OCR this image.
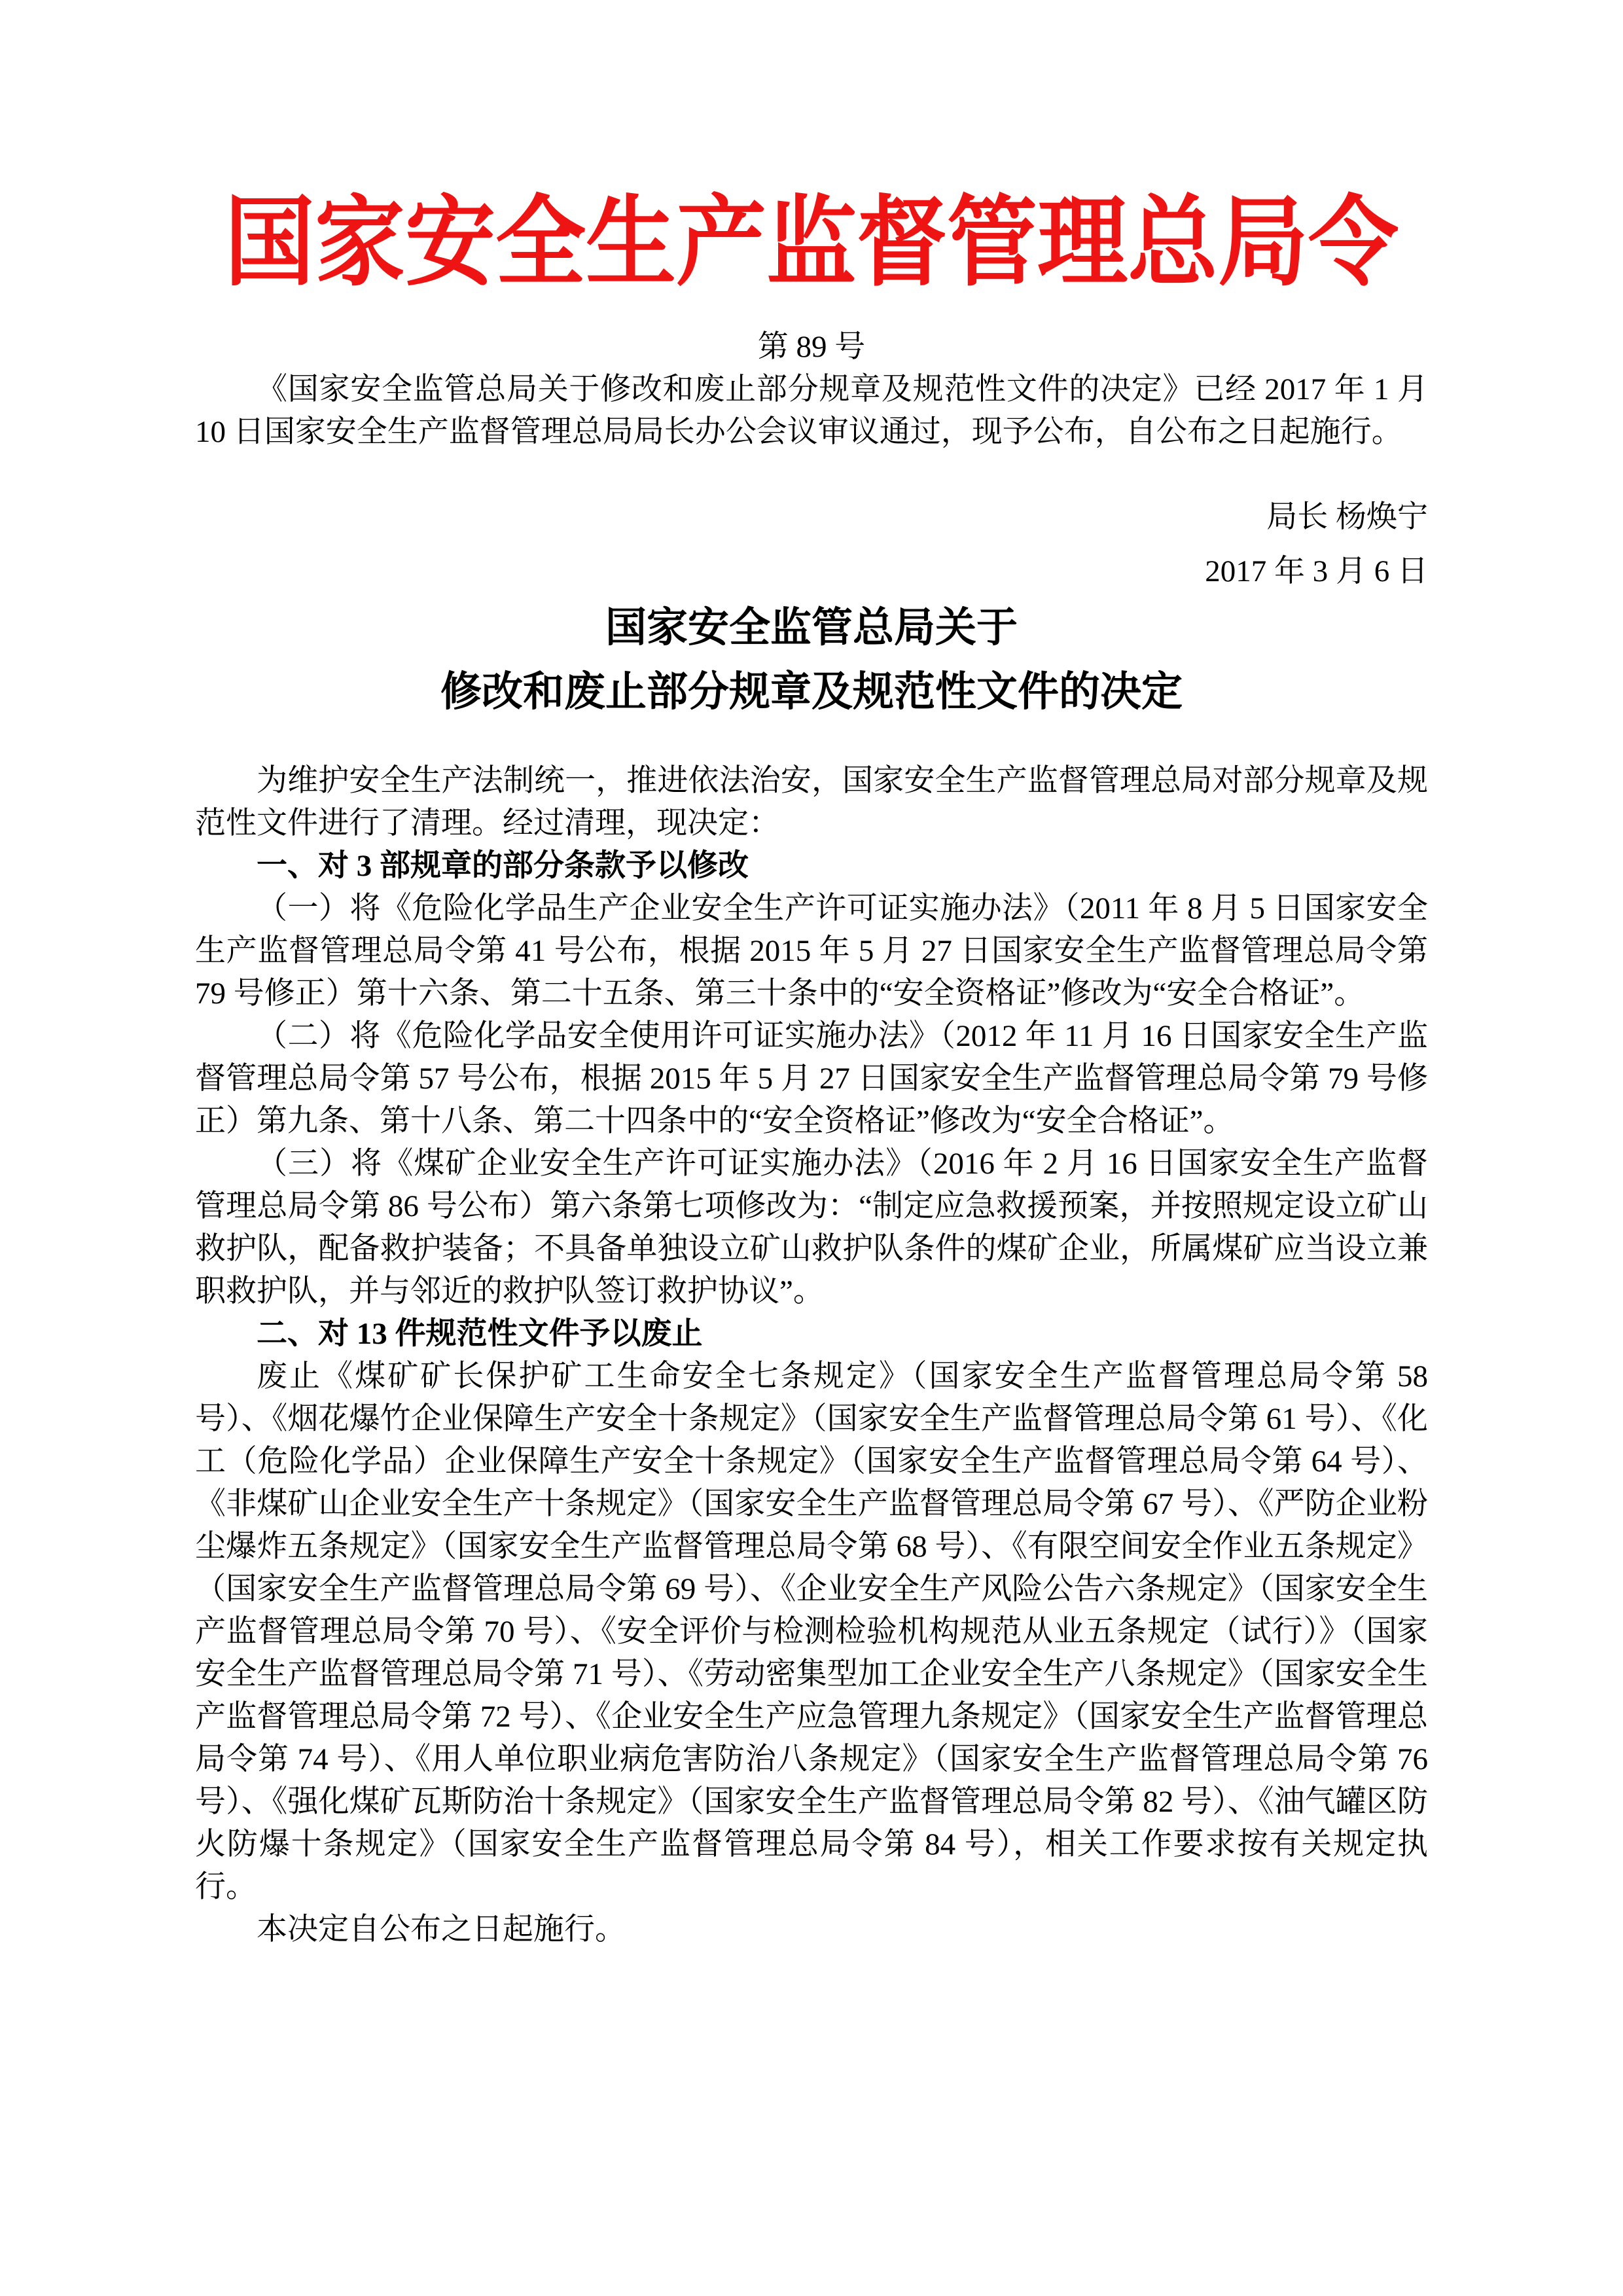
国家安全生产监督管理总局令
第 89 号
《国家安全监管总局关于修改和废止部分规章及规范性文件的决定》已经 2017 年 1 月 10 日国家安全生产监督管理总局局长办公会议审议通过，现予公布，自公布之日起施行。
局长 杨焕宁
2017 年 3 月 6 日
国家安全监管总局关于
修改和废止部分规章及规范性文件的决定

为维护安全生产法制统一，推进依法治安，国家安全生产监督管理总局对部分规章及规范性文件进行了清理。经过清理，现决定：

一、对 3 部规章的部分条款予以修改

（一）将《危险化学品生产企业安全生产许可证实施办法》（2011 年 8 月 5 日国家安全生产监督管理总局令第 41 号公布，根据 2015 年 5 月 27 日国家安全生产监督管理总局令第 79 号修正）第十六条、第二十五条、第三十条中的“安全资格证”修改为“安全合格证”。

（二）将《危险化学品安全使用许可证实施办法》（2012 年 11 月 16 日国家安全生产监督管理总局令第 57 号公布，根据 2015 年 5 月 27 日国家安全生产监督管理总局令第 79 号修正）第九条、第十八条、第二十四条中的“安全资格证”修改为“安全合格证”。

（三）将《煤矿企业安全生产许可证实施办法》（2016 年 2 月 16 日国家安全生产监督管理总局令第 86 号公布）第六条第七项修改为：“制定应急救援预案，并按照规定设立矿山救护队，配备救护装备；不具备单独设立矿山救护队条件的煤矿企业，所属煤矿应当设立兼职救护队，并与邻近的救护队签订救护协议”。

二、对 13 件规范性文件予以废止

废止《煤矿矿长保护矿工生命安全七条规定》（国家安全生产监督管理总局令第 58 号）、《烟花爆竹企业保障生产安全十条规定》（国家安全生产监督管理总局令第 61 号）、《化工（危险化学品）企业保障生产安全十条规定》（国家安全生产监督管理总局令第 64 号）、《非煤矿山企业安全生产十条规定》（国家安全生产监督管理总局令第 67 号）、《严防企业粉尘爆炸五条规定》（国家安全生产监督管理总局令第 68 号）、《有限空间安全作业五条规定》（国家安全生产监督管理总局令第 69 号）、《企业安全生产风险公告六条规定》（国家安全生产监督管理总局令第 70 号）、《安全评价与检测检验机构规范从业五条规定（试行）》（国家安全生产监督管理总局令第 71 号）、《劳动密集型加工企业安全生产八条规定》（国家安全生产监督管理总局令第 72 号）、《企业安全生产应急管理九条规定》（国家安全生产监督管理总局令第 74 号）、《用人单位职业病危害防治八条规定》（国家安全生产监督管理总局令第 76 号）、《强化煤矿瓦斯防治十条规定》（国家安全生产监督管理总局令第 82 号）、《油气罐区防火防爆十条规定》（国家安全生产监督管理总局令第 84 号），相关工作要求按有关规定执行。

本决定自公布之日起施行。
